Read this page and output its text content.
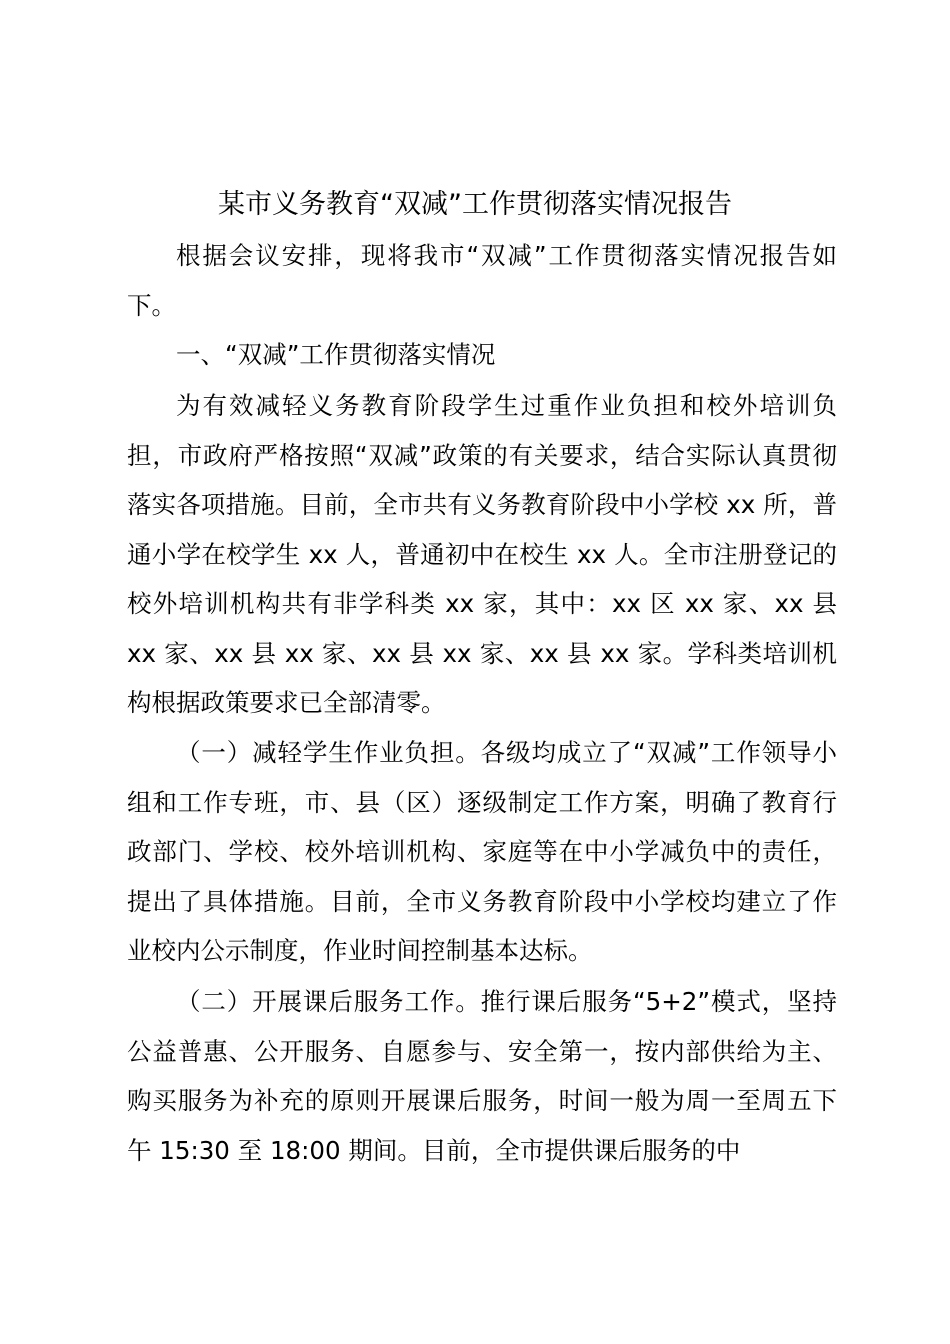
某市义务教育“双减”工作贯彻落实情况报告

根据会议安排，现将我市“双减”工作贯彻落实情况报告如下。

一、“双减”工作贯彻落实情况

为有效减轻义务教育阶段学生过重作业负担和校外培训负担，市政府严格按照“双减”政策的有关要求，结合实际认真贯彻落实各项措施。目前，全市共有义务教育阶段中小学校 xx 所，普通小学在校学生 xx 人，普通初中在校生 xx 人。全市注册登记的校外培训机构共有非学科类 xx 家，其中：xx 区 xx 家、xx 县 xx 家、xx 县 xx 家、xx 县 xx 家、xx 县 xx 家。学科类培训机构根据政策要求已全部清零。

（一）减轻学生作业负担。各级均成立了“双减”工作领导小组和工作专班，市、县（区）逐级制定工作方案，明确了教育行政部门、学校、校外培训机构、家庭等在中小学减负中的责任，提出了具体措施。目前，全市义务教育阶段中小学校均建立了作业校内公示制度，作业时间控制基本达标。

（二）开展课后服务工作。推行课后服务“5+2”模式，坚持公益普惠、公开服务、自愿参与、安全第一，按内部供给为主、购买服务为补充的原则开展课后服务，时间一般为周一至周五下午 15:30 至 18:00 期间。目前，全市提供课后服务的中
